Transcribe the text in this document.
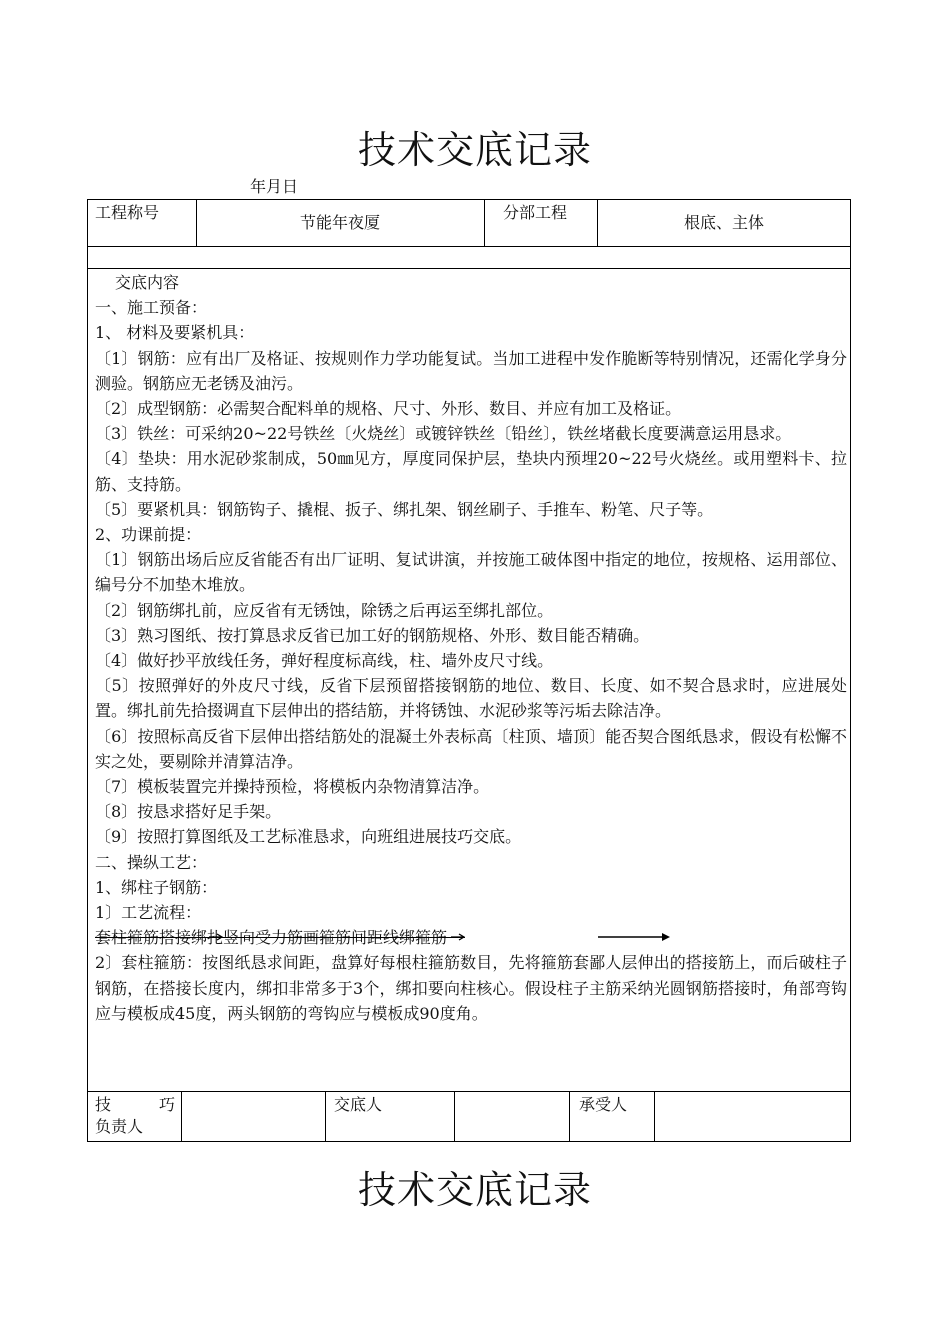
技术交底记录
年月日
工程称号
节能年夜厦
分部工程
根底、主体

交底内容

一、施工预备：

1、 材料及要紧机具：

〔1〕钢筋：应有出厂及格证、按规则作力学功能复试。当加工进程中发作脆断等特别情况，还需化学身分测验。钢筋应无老锈及油污。

〔2〕成型钢筋：必需契合配料单的规格、尺寸、外形、数目、并应有加工及格证。

〔3〕铁丝：可采纳20~22号铁丝〔火烧丝〕或镀锌铁丝〔铅丝〕，铁丝堵截长度要满意运用恳求。

〔4〕垫块：用水泥砂浆制成，50㎜见方，厚度同保护层，垫块内预埋20~22号火烧丝。或用塑料卡、拉筋、支持筋。

〔5〕要紧机具：钢筋钩子、撬棍、扳子、绑扎架、钢丝刷子、手推车、粉笔、尺子等。

2、功课前提：

〔1〕钢筋出场后应反省能否有出厂证明、复试讲演，并按施工破体图中指定的地位，按规格、运用部位、编号分不加垫木堆放。

〔2〕钢筋绑扎前，应反省有无锈蚀，除锈之后再运至绑扎部位。

〔3〕熟习图纸、按打算恳求反省已加工好的钢筋规格、外形、数目能否精确。

〔4〕做好抄平放线任务，弹好程度标高线，柱、墙外皮尺寸线。

〔5〕按照弹好的外皮尺寸线，反省下层预留搭接钢筋的地位、数目、长度、如不契合恳求时，应进展处置。绑扎前先拾掇调直下层伸出的搭结筋，并将锈蚀、水泥砂浆等污垢去除洁净。

〔6〕按照标高反省下层伸出搭结筋处的混凝土外表标高〔柱顶、墙顶〕能否契合图纸恳求，假设有松懈不实之处，要剔除并清算洁净。

〔7〕模板装置完并操持预检，将模板内杂物清算洁净。

〔8〕按恳求搭好足手架。

〔9〕按照打算图纸及工艺标准恳求，向班组进展技巧交底。

二、操纵工艺：

1、绑柱子钢筋：

1〕工艺流程：

套柱箍筋搭接绑扎竖向受力筋画箍筋间距线绑箍筋

2〕套柱箍筋：按图纸恳求间距，盘算好每根柱箍筋数目，先将箍筋套鄙人层伸出的搭接筋上，而后破柱子钢筋，在搭接长度内，绑扣非常多于3个，绑扣要向柱核心。假设柱子主筋采纳光圆钢筋搭接时，角部弯钩应与模板成45度，两头钢筋的弯钩应与模板成90度角。

技　　　巧
负责人
交底人	承受人
技术交底记录
